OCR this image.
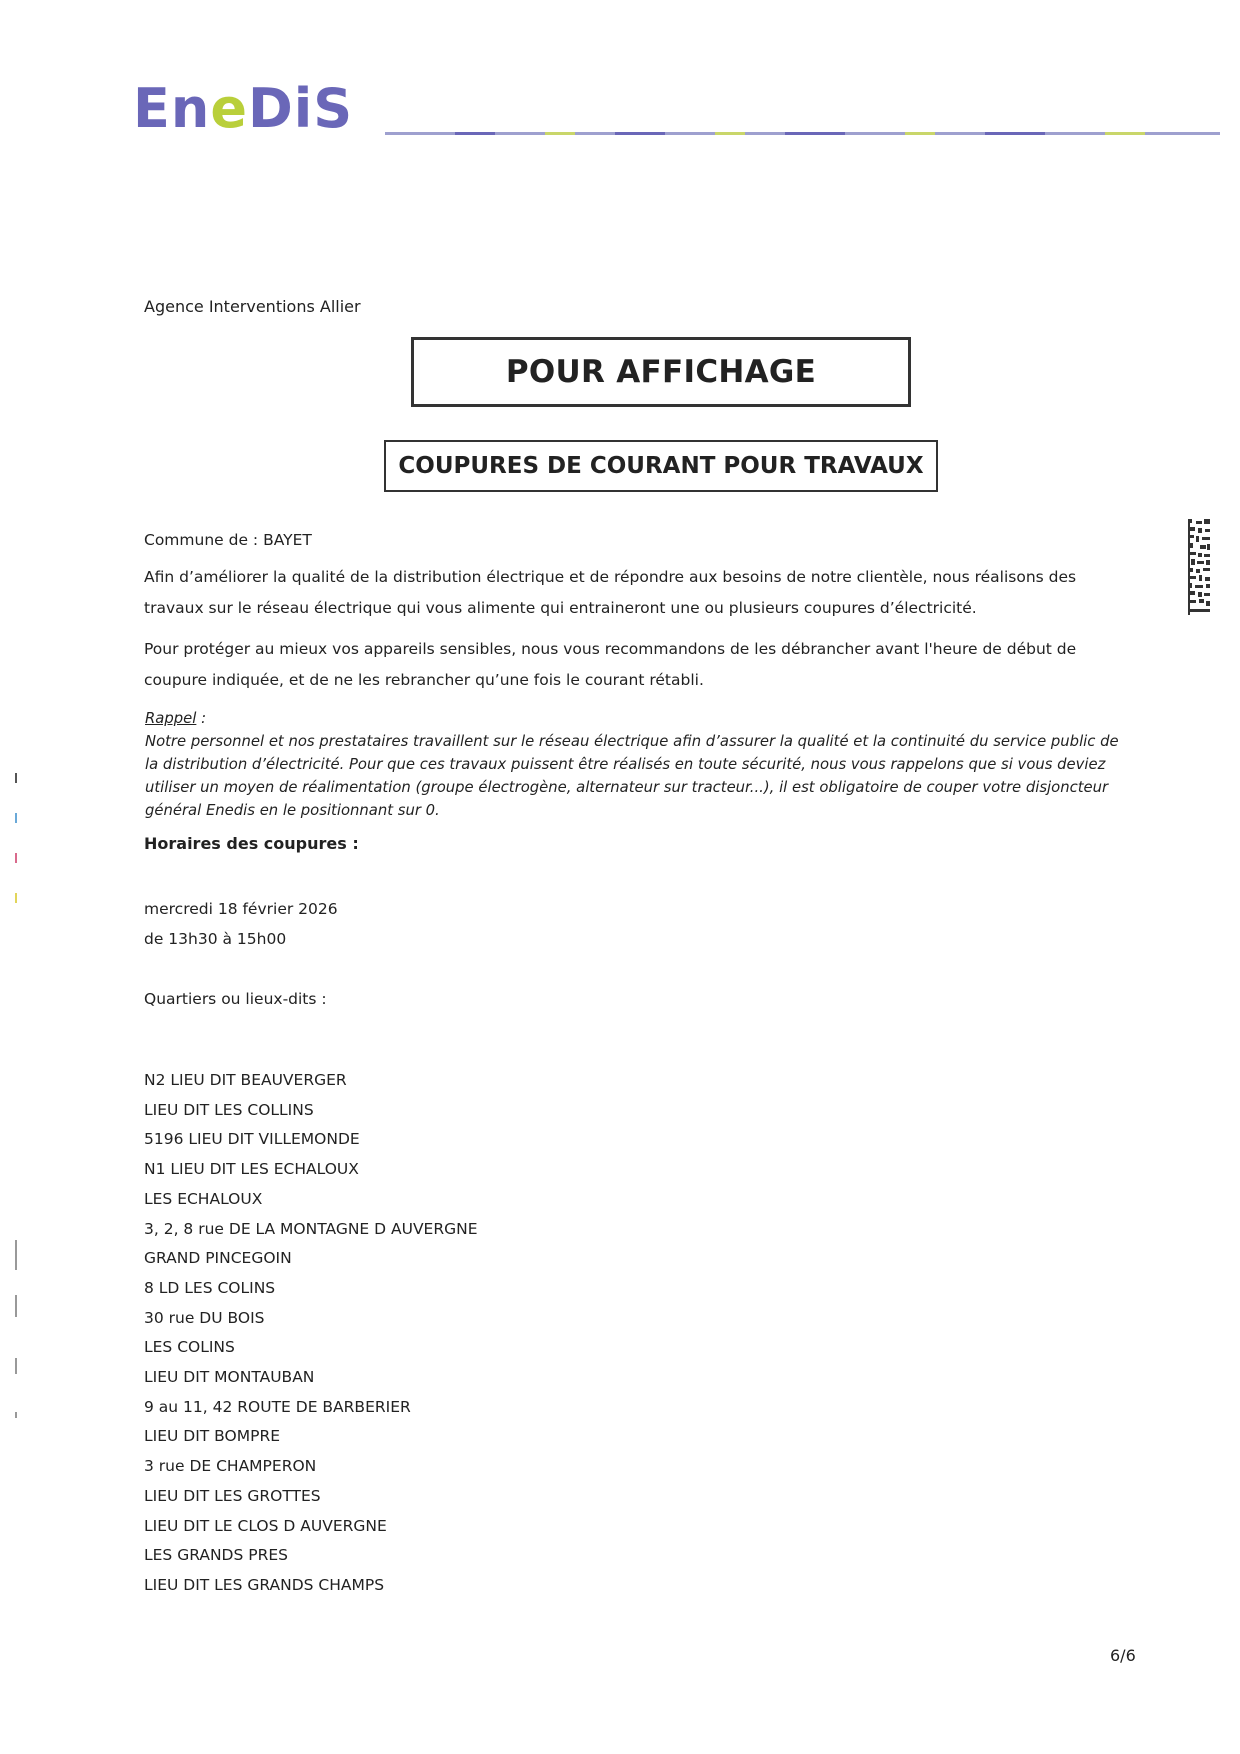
EneDiS
Agence Interventions Allier
POUR AFFICHAGE
COUPURES DE COURANT POUR TRAVAUX
Commune de : BAYET
Afin d’améliorer la qualité de la distribution électrique et de répondre aux besoins de notre clientèle, nous réalisons des travaux sur le réseau électrique qui vous alimente qui entraineront une ou plusieurs coupures d’électricité.
Pour protéger au mieux vos appareils sensibles, nous vous recommandons de les débrancher avant l'heure de début de coupure indiquée, et de ne les rebrancher qu’une fois le courant rétabli.
Rappel :
Notre personnel et nos prestataires travaillent sur le réseau électrique afin d’assurer la qualité et la continuité du service public de la distribution d’électricité. Pour que ces travaux puissent être réalisés en toute sécurité, nous vous rappelons que si vous deviez utiliser un moyen de réalimentation (groupe électrogène, alternateur sur tracteur...), il est obligatoire de couper votre disjoncteur général Enedis en le positionnant sur 0.
Horaires des coupures :
mercredi 18 février 2026
de 13h30 à 15h00
Quartiers ou lieux-dits :
N2 LIEU DIT BEAUVERGER
LIEU DIT LES COLLINS
5196 LIEU DIT VILLEMONDE
N1 LIEU DIT LES ECHALOUX
LES ECHALOUX
3, 2, 8 rue DE LA MONTAGNE D AUVERGNE
GRAND PINCEGOIN
8 LD LES COLINS
30 rue DU BOIS
LES COLINS
LIEU DIT MONTAUBAN
9 au 11, 42 ROUTE DE BARBERIER
LIEU DIT BOMPRE
3 rue DE CHAMPERON
LIEU DIT LES GROTTES
LIEU DIT LE CLOS D AUVERGNE
LES GRANDS PRES
LIEU DIT LES GRANDS CHAMPS
6/6
